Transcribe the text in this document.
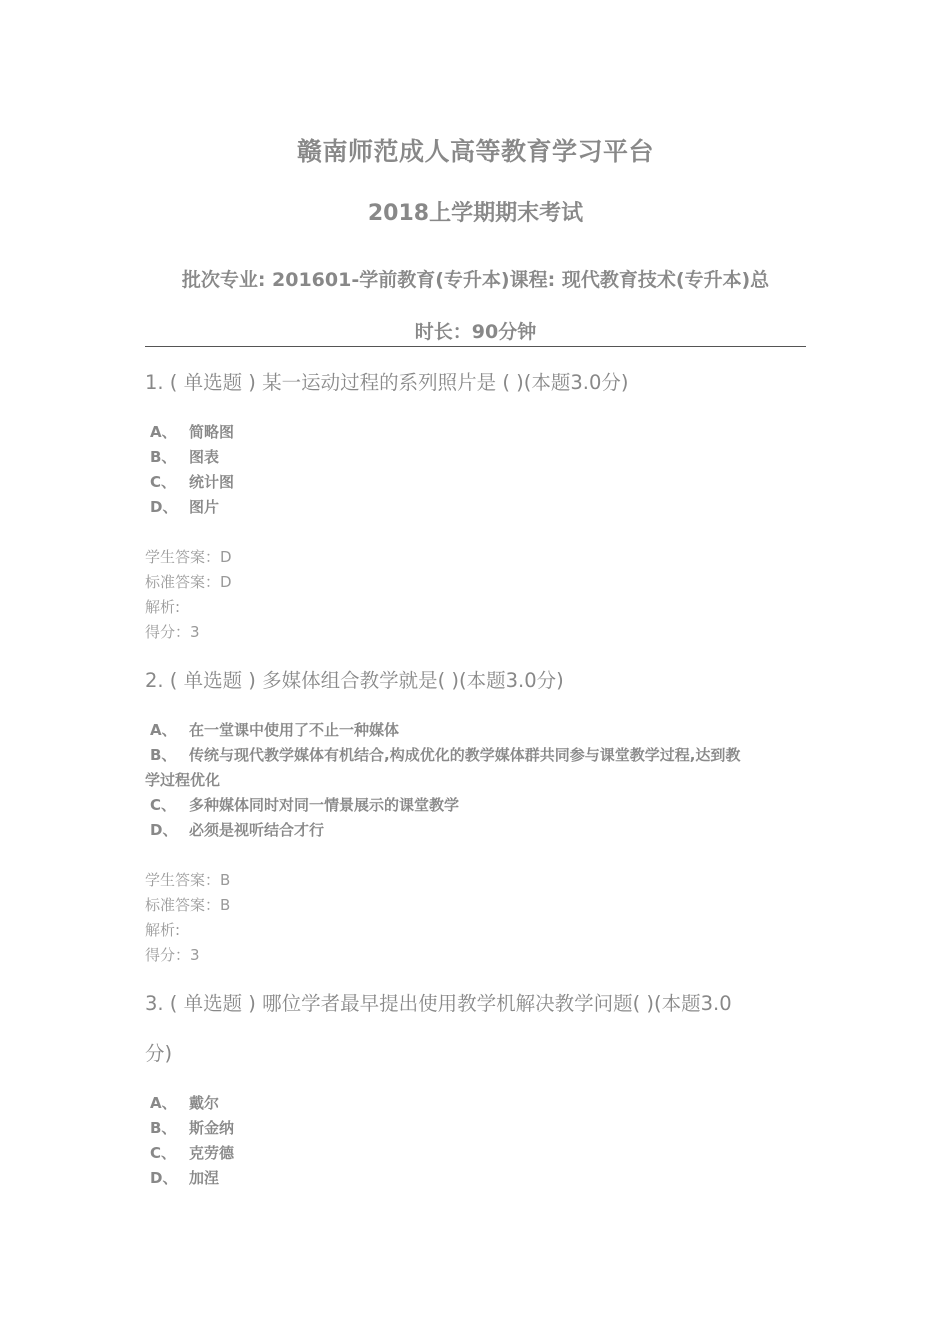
赣南师范成人高等教育学习平台
2018上学期期末考试
批次专业: 201601-学前教育(专升本)课程: 现代教育技术(专升本)总
时长：90分钟
1. ( 单选题 ) 某一运动过程的系列照片是 ( )(本题3.0分)
A、 简略图
B、 图表
C、 统计图
D、 图片
学生答案：D
标准答案：D
解析:
得分：3
2. ( 单选题 ) 多媒体组合教学就是( )(本题3.0分)
A、 在一堂课中使用了不止一种媒体
B、 传统与现代教学媒体有机结合,构成优化的教学媒体群共同参与课堂教学过程,达到教
学过程优化
C、 多种媒体同时对同一情景展示的课堂教学
D、 必须是视听结合才行
学生答案：B
标准答案：B
解析:
得分：3
3. ( 单选题 ) 哪位学者最早提出使用教学机解决教学问题( )(本题3.0
分)
A、 戴尔
B、 斯金纳
C、 克劳德
D、 加涅
